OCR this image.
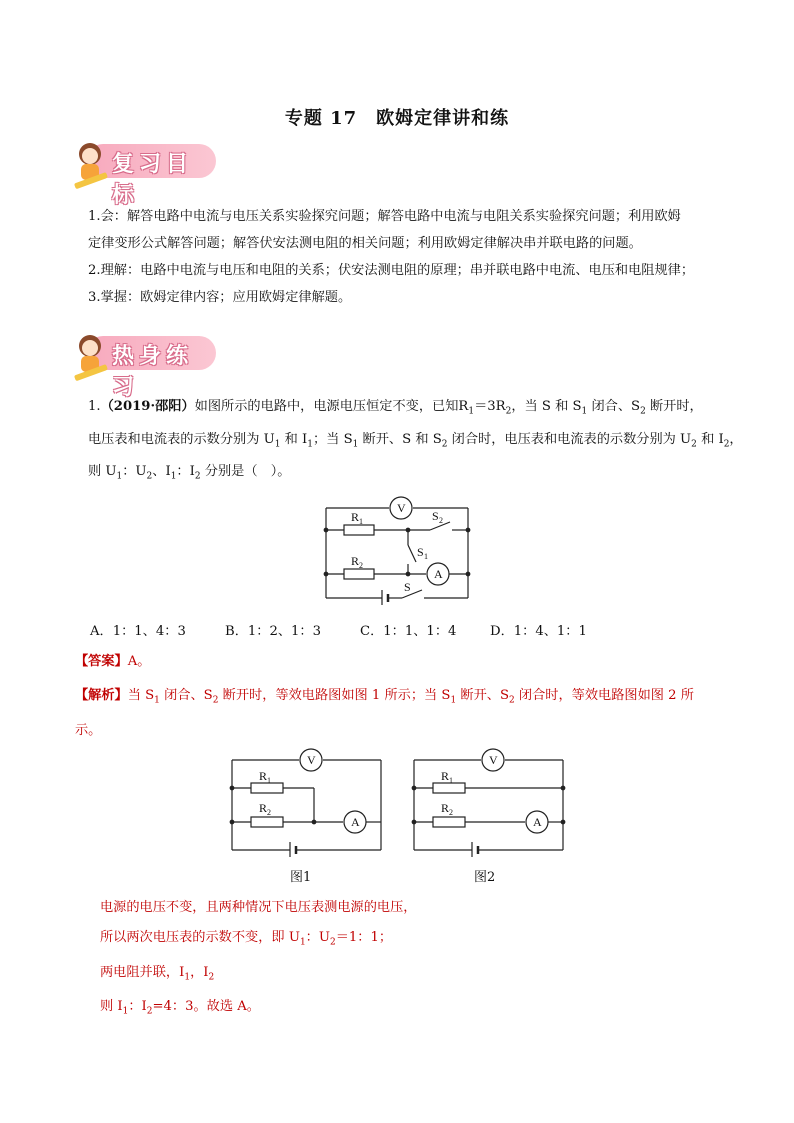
专题 17　欧姆定律讲和练
复习目标
1.会：解答电路中电流与电压关系实验探究问题；解答电路中电流与电阻关系实验探究问题；利用欧姆
定律变形公式解答问题；解答伏安法测电阻的相关问题；利用欧姆定律解决串并联电路的问题。
2.理解：电路中电流与电压和电阻的关系；伏安法测电阻的原理；串并联电路中电流、电压和电阻规律；
3.掌握：欧姆定律内容；应用欧姆定律解题。
热身练习
1.（2019·邵阳）如图所示的电路中，电源电压恒定不变，已知$R_1=3R_2$，当 S 和 $S_1$ 闭合、$S_2$ 断开时，
电压表和电流表的示数分别为 $U_1$ 和 $I_1$；当 $S_1$ 断开、S 和 $S_2$ 闭合时，电压表和电流表的示数分别为 $U_2$ 和 $I_2$，
则 $U_1$：$U_2$、$I_1$：$I_2$ 分别是（　）。
V
A
R 1
R 2
S 2
S 1
S
A．1：1、4：3	B．1：2、1：3	C．1：1、1：4	D．1：4、1：1
【答案】A。
【解析】当 $S_1$ 闭合、$S_2$ 断开时，等效电路图如图 1 所示；当 $S_1$ 断开、$S_2$ 闭合时，等效电路图如图 2 所
示。
V
A
R 1
R 2
图1
V
A
R 1
R 2
图2
电源的电压不变，且两种情况下电压表测电源的电压，
所以两次电压表的示数不变，即 $U_1$：$U_2=1$：1；
两电阻并联，$I_1$，$I_2$
则 $I_1$：$I_2=4$：3。故选 A。
